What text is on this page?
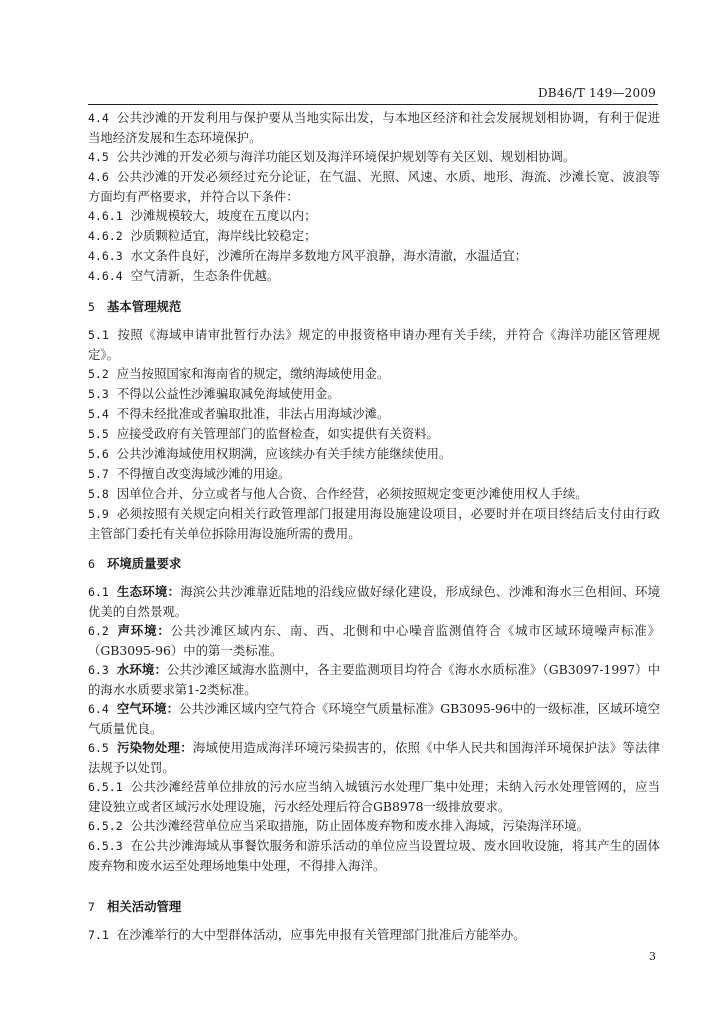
DB46/T 149—2009

4.4 公共沙滩的开发利用与保护要从当地实际出发，与本地区经济和社会发展规划相协调，有利于促进当地经济发展和生态环境保护。

4.5 公共沙滩的开发必须与海洋功能区划及海洋环境保护规划等有关区划、规划相协调。

4.6 公共沙滩的开发必须经过充分论证，在气温、光照、风速、水质、地形、海流、沙滩长宽、波浪等方面均有严格要求，并符合以下条件：

4.6.1 沙滩规模较大，坡度在五度以内；

4.6.2 沙质颗粒适宜，海岸线比较稳定；

4.6.3 水文条件良好，沙滩所在海岸多数地方风平浪静，海水清澈，水温适宜；

4.6.4 空气清新，生态条件优越。

5 基本管理规范

5.1 按照《海域申请审批暂行办法》规定的申报资格申请办理有关手续，并符合《海洋功能区管理规定》。

5.2 应当按照国家和海南省的规定，缴纳海域使用金。

5.3 不得以公益性沙滩骗取减免海域使用金。

5.4 不得未经批准或者骗取批准，非法占用海域沙滩。

5.5 应接受政府有关管理部门的监督检查，如实提供有关资料。

5.6 公共沙滩海域使用权期满，应该续办有关手续方能继续使用。

5.7 不得擅自改变海域沙滩的用途。

5.8 因单位合并、分立或者与他人合资、合作经营，必须按照规定变更沙滩使用权人手续。

5.9 必须按照有关规定向相关行政管理部门报建用海设施建设项目，必要时并在项目终结后支付由行政主管部门委托有关单位拆除用海设施所需的费用。

6 环境质量要求

6.1 生态环境：海滨公共沙滩靠近陆地的沿线应做好绿化建设，形成绿色、沙滩和海水三色相间、环境优美的自然景观。

6.2 声环境：公共沙滩区域内东、南、西、北侧和中心噪音监测值符合《城市区域环境噪声标准》（GB3095-96）中的第一类标准。

6.3 水环境：公共沙滩区域海水监测中，各主要监测项目均符合《海水水质标准》（GB3097-1997）中的海水水质要求第1-2类标准。

6.4 空气环境：公共沙滩区域内空气符合《环境空气质量标准》GB3095-96中的一级标准，区域环境空气质量优良。

6.5 污染物处理：海域使用造成海洋环境污染损害的，依照《中华人民共和国海洋环境保护法》等法律法规予以处罚。

6.5.1 公共沙滩经营单位排放的污水应当纳入城镇污水处理厂集中处理；未纳入污水处理管网的，应当建设独立或者区域污水处理设施，污水经处理后符合GB8978一级排放要求。

6.5.2 公共沙滩经营单位应当采取措施，防止固体废弃物和废水排入海域，污染海洋环境。

6.5.3 在公共沙滩海域从事餐饮服务和游乐活动的单位应当设置垃圾、废水回收设施，将其产生的固体废弃物和废水运至处理场地集中处理，不得排入海洋。

7 相关活动管理

7.1 在沙滩举行的大中型群体活动，应事先申报有关管理部门批准后方能举办。

3
